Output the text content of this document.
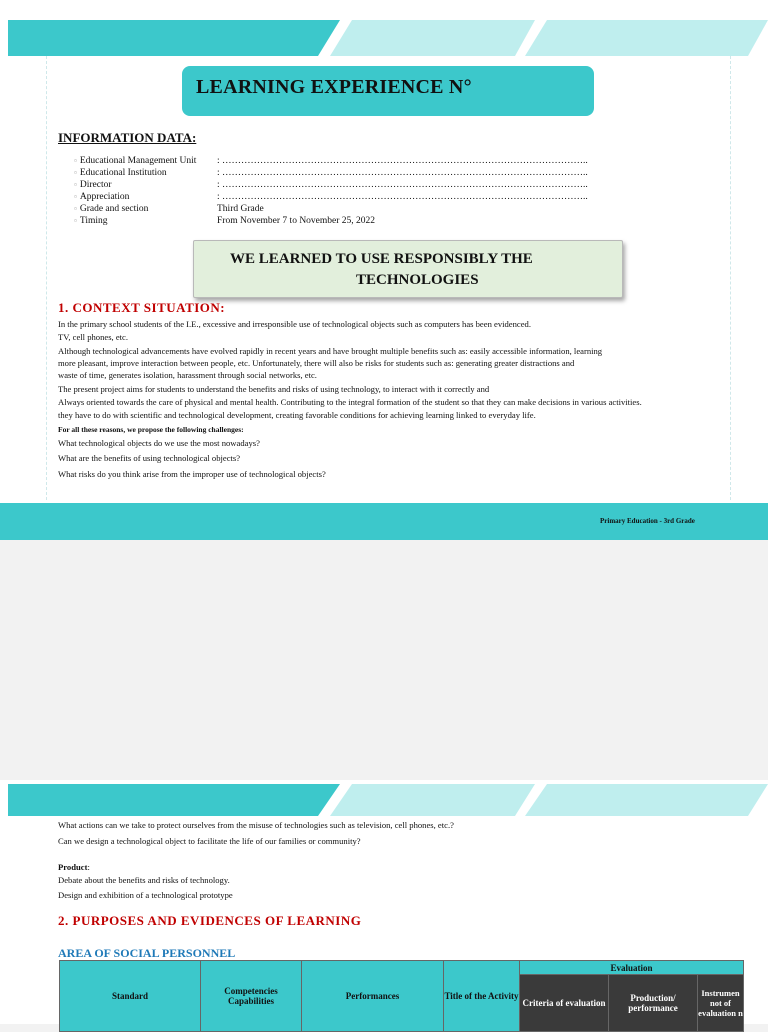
LEARNING EXPERIENCE N°
INFORMATION DATA:
▫ Educational Management Unit : ……………………………………………………………………………………………………..
▫ Educational Institution	: ……………………………………………………………………………………………………..
▫ Director	: ……………………………………………………………………………………………………..
▫ Appreciation	: ……………………………………………………………………………………………………..
▫ Grade and section	Third Grade
▫ Timing	From November 7 to November 25, 2022
WE LEARNED TO USE RESPONSIBLY THE
TECHNOLOGIES
1. CONTEXT SITUATION:
In the primary school students of the I.E., excessive and irresponsible use of technological objects such as computers has been evidenced.
TV, cell phones, etc.
Although technological advancements have evolved rapidly in recent years and have brought multiple benefits such as: easily accessible information, learning
more pleasant, improve interaction between people, etc. Unfortunately, there will also be risks for students such as: generating greater distractions and
waste of time, generates isolation, harassment through social networks, etc.
The present project aims for students to understand the benefits and risks of using technology, to interact with it correctly and
Always oriented towards the care of physical and mental health. Contributing to the integral formation of the student so that they can make decisions in various activities.
they have to do with scientific and technological development, creating favorable conditions for achieving learning linked to everyday life.
For all these reasons, we propose the following challenges:
What technological objects do we use the most nowadays?
What are the benefits of using technological objects?
What risks do you think arise from the improper use of technological objects?
Primary Education - 3rd Grade
What actions can we take to protect ourselves from the misuse of technologies such as television, cell phones, etc.?
Can we design a technological object to facilitate the life of our families or community?
Product:
Debate about the benefits and risks of technology.
Design and exhibition of a technological prototype
2. PURPOSES AND EVIDENCES OF LEARNING
AREA OF SOCIAL PERSONNEL
Standard	Competencies Capabilities	Performances	Title of the Activity	Evaluation		
				Criteria of evaluation	Production/ performance	Instrumen not of evaluation n
